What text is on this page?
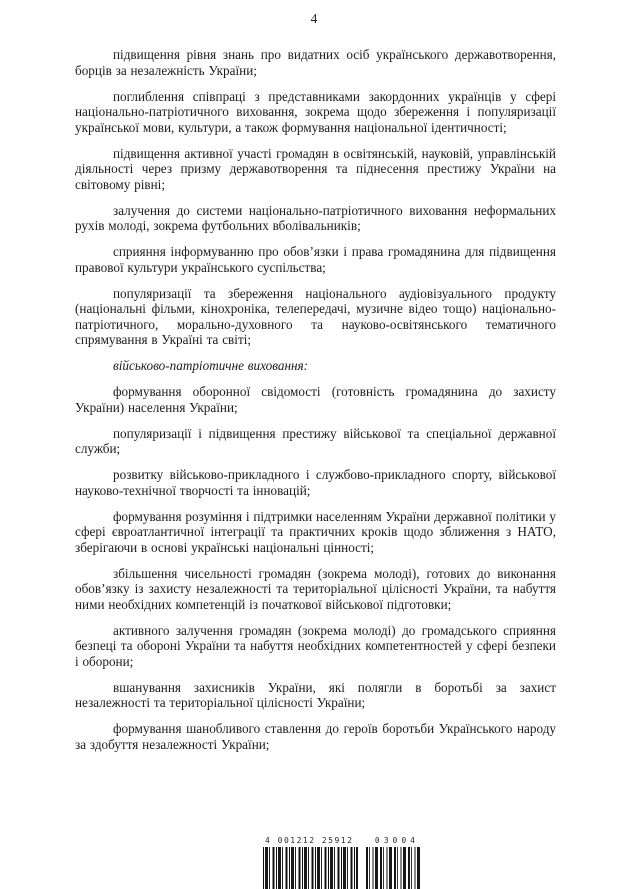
4

підвищення рівня знань про видатних осіб українського державотворення, борців за незалежність України;

поглиблення співпраці з представниками закордонних українців у сфері національно-патріотичного виховання, зокрема щодо збереження і популяризації української мови, культури, а також формування національної ідентичності;

підвищення активної участі громадян в освітянській, науковій, управлінській діяльності через призму державотворення та піднесення престижу України на світовому рівні;

залучення до системи національно-патріотичного виховання неформальних рухів молоді, зокрема футбольних вболівальників;

сприяння інформуванню про обов’язки і права громадянина для підвищення правової культури українського суспільства;

популяризації та збереження національного аудіовізуального продукту (національні фільми, кінохроніка, телепередачі, музичне відео тощо) національно-патріотичного, морально-духовного та науково-освітянського тематичного спрямування в Україні та світі;

військово-патріотичне виховання:

формування оборонної свідомості (готовність громадянина до захисту України) населення України;

популяризації і підвищення престижу військової та спеціальної державної служби;

розвитку військово-прикладного і службово-прикладного спорту, військової науково-технічної творчості та інновацій;

формування розуміння і підтримки населенням України державної політики у сфері євроатлантичної інтеграції та практичних кроків щодо зближення з НАТО, зберігаючи в основі українські національні цінності;

збільшення чисельності громадян (зокрема молоді), готових до виконання обов’язку із захисту незалежності та територіальної цілісності України, та набуття ними необхідних компетенцій із початкової військової підготовки;

активного залучення громадян (зокрема молоді) до громадського сприяння безпеці та обороні України та набуття необхідних компетентностей у сфері безпеки і оборони;

вшанування захисників України, які полягли в боротьбі за захист незалежності та територіальної цілісності України;

формування шанобливого ставлення до героїв боротьби Українського народу за здобуття незалежності України;

4 001212 25912	03004
